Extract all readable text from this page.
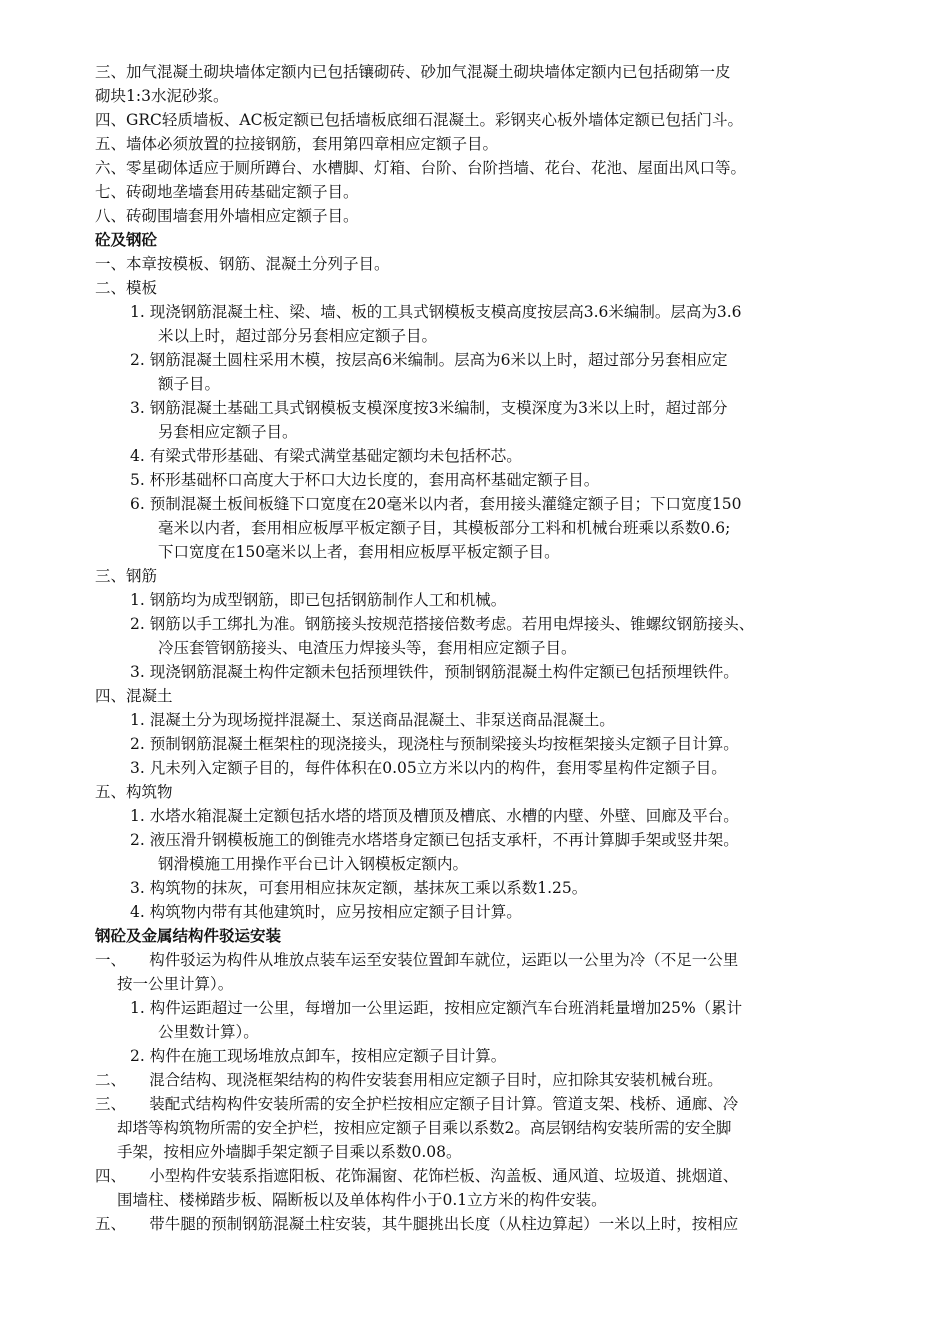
三、加气混凝土砌块墙体定额内已包括镶砌砖、砂加气混凝土砌块墙体定额内已包括砌第一皮
砌块1:3水泥砂浆。
四、GRC轻质墙板、AC板定额已包括墙板底细石混凝土。彩钢夹心板外墙体定额已包括门斗。
五、墙体必须放置的拉接钢筋，套用第四章相应定额子目。
六、零星砌体适应于厕所蹲台、水槽脚、灯箱、台阶、台阶挡墙、花台、花池、屋面出风口等。
七、砖砌地垄墙套用砖基础定额子目。
八、砖砌围墙套用外墙相应定额子目。
砼及钢砼
一、本章按模板、钢筋、混凝土分列子目。
二、模板
1. 现浇钢筋混凝土柱、梁、墙、板的工具式钢模板支模高度按层高3.6米编制。层高为3.6
米以上时，超过部分另套相应定额子目。
2. 钢筋混凝土圆柱采用木模，按层高6米编制。层高为6米以上时，超过部分另套相应定
额子目。
3. 钢筋混凝土基础工具式钢模板支模深度按3米编制，支模深度为3米以上时，超过部分
另套相应定额子目。
4. 有梁式带形基础、有梁式满堂基础定额均未包括杯芯。
5. 杯形基础杯口高度大于杯口大边长度的，套用高杯基础定额子目。
6. 预制混凝土板间板缝下口宽度在20毫米以内者，套用接头灌缝定额子目；下口宽度150
毫米以内者，套用相应板厚平板定额子目，其模板部分工料和机械台班乘以系数0.6;
下口宽度在150毫米以上者，套用相应板厚平板定额子目。
三、钢筋
1. 钢筋均为成型钢筋，即已包括钢筋制作人工和机械。
2. 钢筋以手工绑扎为准。钢筋接头按规范搭接倍数考虑。若用电焊接头、锥螺纹钢筋接头、
冷压套管钢筋接头、电渣压力焊接头等，套用相应定额子目。
3. 现浇钢筋混凝土构件定额未包括预埋铁件，预制钢筋混凝土构件定额已包括预埋铁件。
四、混凝土
1. 混凝土分为现场搅拌混凝土、泵送商品混凝土、非泵送商品混凝土。
2. 预制钢筋混凝土框架柱的现浇接头，现浇柱与预制梁接头均按框架接头定额子目计算。
3. 凡未列入定额子目的，每件体积在0.05立方米以内的构件，套用零星构件定额子目。
五、构筑物
1. 水塔水箱混凝土定额包括水塔的塔顶及槽顶及槽底、水槽的内壁、外壁、回廊及平台。
2. 液压滑升钢模板施工的倒锥壳水塔塔身定额已包括支承杆，不再计算脚手架或竖井架。
钢滑模施工用操作平台已计入钢模板定额内。
3. 构筑物的抹灰，可套用相应抹灰定额，基抹灰工乘以系数1.25。
4. 构筑物内带有其他建筑时，应另按相应定额子目计算。
钢砼及金属结构件驳运安装
一、　　构件驳运为构件从堆放点装车运至安装位置卸车就位，运距以一公里为冷（不足一公里
按一公里计算）。
1. 构件运距超过一公里，每增加一公里运距，按相应定额汽车台班消耗量增加25%（累计
公里数计算）。
2. 构件在施工现场堆放点卸车，按相应定额子目计算。
二、　　混合结构、现浇框架结构的构件安装套用相应定额子目时，应扣除其安装机械台班。
三、　　装配式结构构件安装所需的安全护栏按相应定额子目计算。管道支架、栈桥、通廊、冷
却塔等构筑物所需的安全护栏，按相应定额子目乘以系数2。高层钢结构安装所需的安全脚
手架，按相应外墙脚手架定额子目乘以系数0.08。
四、　　小型构件安装系指遮阳板、花饰漏窗、花饰栏板、沟盖板、通风道、垃圾道、挑烟道、
围墙柱、楼梯踏步板、隔断板以及单体构件小于0.1立方米的构件安装。
五、　　带牛腿的预制钢筋混凝土柱安装，其牛腿挑出长度（从柱边算起）一米以上时，按相应
